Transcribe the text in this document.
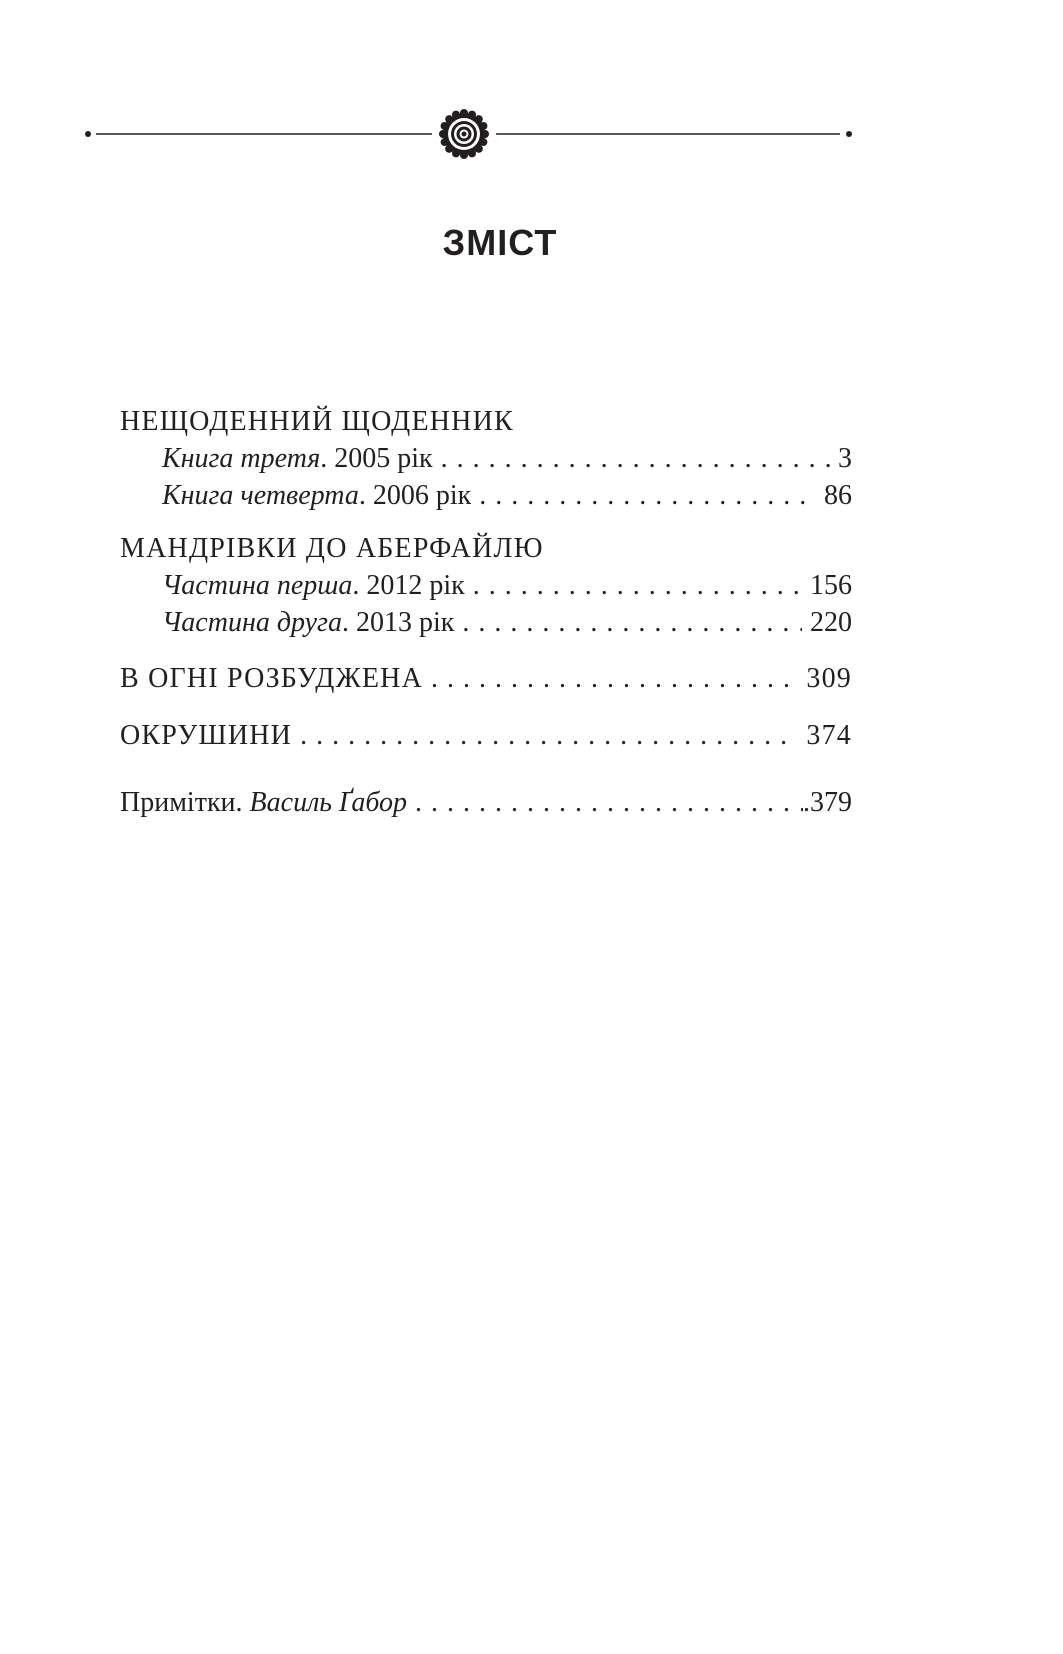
ЗМІСТ
НЕЩОДЕННИЙ ЩОДЕННИК
Книга третя. 2005 рік . . .	3
Книга четверта. 2006 рік . . .	86
МАНДРІВКИ ДО АБЕРФАЙЛЮ
Частина перша. 2012 рік . . .	156
Частина друга. 2013 рік . . .	220
В ОГНІ РОЗБУДЖЕНА . . .	309
ОКРУШИНИ . . .	374
Примітки. Василь Ґабор . . .	.379
